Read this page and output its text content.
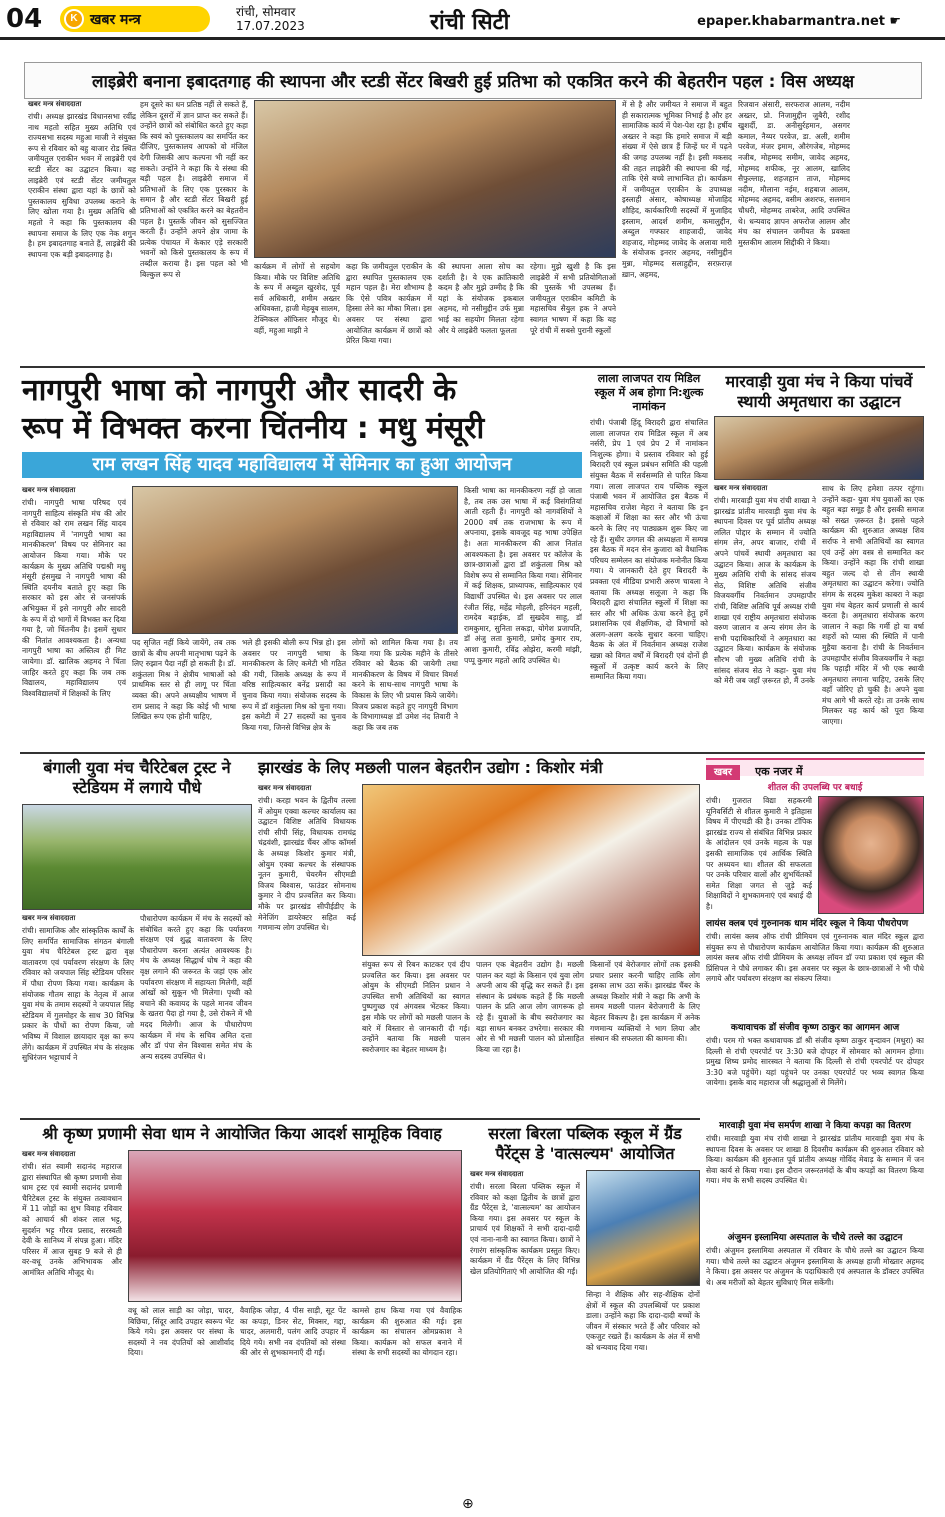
04	K खबर मन्त्र	रांची, सोमवार
17.07.2023	रांची सिटी	epaper.khabarmantra.net ☛
लाइब्रेरी बनाना इबादतगाह की स्थापना और स्टडी सेंटर बिखरी हुई प्रतिभा को एकत्रित करने की बेहतरीन पहल : विस अध्यक्ष
खबर मन्त्र संवाददाता
रांची। अध्यक्ष झारखंड विधानसभा रवींद्र नाथ महतो सहित मुख्य अतिथि एवं राज्यसभा सदस्य महुआ माजी ने संयुक्त रूप से रविवार को बहु बाजार रोड स्थित जमीयतुल एराकीन भवन में लाइब्रेरी एवं स्टडी सेंटर का उद्घाटन किया। यह लाइब्रेरी एवं स्टडी सेंटर जमीयतुल एराकीन संस्था द्वारा यहां के छात्रों को पुस्तकालय सुविधा उपलब्ध कराने के लिए खोला गया है। मुख्य अतिथि श्री महतो ने कहा कि पुस्तकालय की स्थापना समाज के लिए एक नेक शगुन है। हम इबादतगाह बनाते हैं, लाइब्रेरी की स्थापना एक बड़ी इबादतगाह है।
हम दूसरे का धन प्रतिष्ठ नहीं ले सकते हैं, लेकिन दूसरों में ज्ञान प्राप्त कर सकते हैं। उन्होंने छात्रों को संबोधित करते हुए कहा कि स्वयं को पुस्तकालय का समर्पित कर दीजिए, पुस्तकालय आपको वो मंजिल देगी जिसकी आप कल्पना भी नहीं कर सकते। उन्होंने ने कहा कि ये संस्था की बड़ी पहल है। लाइब्रेरी समाज में प्रतिभाओं के लिए एक पुरस्कार के समान है और स्टडी सेंटर बिखरी हुई प्रतिभाओं को एकत्रित करने का बेहतरीन पहल है। पुस्तकें जीवन को सुसज्जित करती हैं। उन्होंने अपने क्षेत्र जामा के प्रत्येक पंचायत में केकार एड़े सरकारी भवनों को किसे पुस्तकालय के रूप में तब्दील कराया है। इस पहल को भी बिल्कुल रूप से
कार्यक्रम में लोगों से सहयोग किया। मौके पर विशिष्ट अतिथि के रूप में अब्दुल खुरशेद, पूर्व सर्व अधिकारी, शमीम अख्तर अधिवक्ता, हाजी मेहबूब सालम, टेक्निकल ऑफिसर मौजूद थे। वहीं, महुआ माझी ने
कहा कि जमीयतुल एराकीन के द्वारा स्थापित पुस्तकालय एक महान पहल है। मेरा शौभाग्य है कि ऐसे पवित्र कार्यक्रम में हिस्सा लेने का मौका मिला। इस अवसर पर संस्था द्वारा आयोजित कार्यक्रम में छात्रों को प्रेरित किया गया।
की स्थापना आला सोच का दर्शाती है। ये एक क्रांतिकारी कदम है और मुझे उम्मीद है कि यहां के संयोजक इकबाल अहमद, मो नसीमुद्दीन उर्फ मुन्ना भाई का सहयोग मिलता रहेगा और ये लाइब्रेरी फलता फूलता
रहेगा। मुझे खुशी है कि इस लाइब्रेरी में सभी प्रतियोगिताओं की पुस्तकें भी उपलब्ध हैं। जमीयतुल एराकीन कमिटी के महासचिव सैयुल हक ने अपने स्वागत भाषण में कहा कि यह पूरे रांची में सबसे पुरानी स्कूलों
में से है और जमीयत ने समाज में बहुत ही सकारात्मक भूमिका निभाई है और हर सामाजिक कार्य में पेश-पेश रहा है। हर्षीय अख्तर ने कहा कि हमारे समाज में बड़ी संख्या में ऐसे छात्र हैं जिन्हें घर में पढ़ने की जगह उपलब्ध नहीं है। इसी मकसद की तहत लाइब्रेरी की स्थापना की गई, ताकि ऐसे बच्चे लाभान्वित हो। कार्यक्रम में जमीयतुल एराकीन के उपाध्यक्ष इस्लाही अंसार, कोषाध्यक्ष मोजाहिद शौहिद, कार्यकारिणी सदस्यों में मुजाहिद इस्लाम, आदर्श शमीम, कमालुद्दीन, अब्दुल गफ्फार शाहजादी, जावेद शहजाद, मोहम्मद जावेद के अलावा मारी के संयोजक इनरार अहमद, नसीमुद्दीन मुन्ना, मोहम्मद सलाहुद्दीन, सरफ़राज़ ख़ान, अहमद,
रिजवान अंसारी, सरफराज आलम, नदीम अख्तर, प्रो. निजामुद्दीन जुबैरी, रशीद खुशर्दी, डा. अनीसुर्रहमान, असगर कमाल, नैय्यर परवेज, डा. अली, शमीम परवेज, मंजर इमाम, औरंगजेब, मोहम्मद नजीब, मोहम्मद समीम, जावेद अहमद, मोहम्मद शफीक, नूर आलम, खालिद सैफुल्लाह, शहजहान ताज, मोहम्मद नदीम, मौलाना नईम, शहबाज आलम, मोहम्मद अहमद, वसीम अशरफ, सलमान चौधरी, मोहम्मद ताबरेज, आदि उपस्थित थे। धन्यवाद ज्ञापन अफरोज आलम और मंच का संचालन जमीयत के प्रवक्ता मुस्तकीम आलम सिद्दीकी ने किया।
नागपुरी भाषा को नागपुरी और सादरी के
रूप में विभक्त करना चिंतनीय : मधु मंसूरी
राम लखन सिंह यादव महाविद्यालय में सेमिनार का हुआ आयोजन
खबर मन्त्र संवाददाता
रांची। नागपुरी भाषा परिषद एवं नागपुरी साहित्य संस्कृति मंच की ओर से रविवार को राम लखन सिंह यादव महाविद्यालय में 'नागपुरी भाषा का मानकीकरण' विषय पर सेमिनार का आयोजन किया गया। मौके पर कार्यक्रम के मुख्य अतिथि पद्मश्री मधु मंसूरी हंसमुख ने नागपुरी भाषा की स्थिति दयनीय बताते हुए कहा कि सरकार को इस ओर से जनसंपर्क अभियुक्त में इसे नागपुरी और सादरी के रूप में दो भागों में विभक्त कर दिया गया है, जो चिंतनीय है। इसमें सुधार की नितांत आवश्यकता है। अन्यथा नागपुरी भाषा का अस्तित्व ही मिट जायेगा। डॉ. खालिक अहमद ने चिंता जाहिर करते हुए कहा कि जब तक विद्यालय, महाविद्यालय एवं विश्वविद्यालयों में शिक्षकों के लिए
पद सृजित नहीं किये जायेंगे, तब तक छात्रों के बीच अपनी मातृभाषा पढ़ने के लिए रुझान पैदा नहीं हो सकती है। डॉ. शकुंतला मिश्र ने क्षेत्रीय भाषाओं को प्राथमिक स्तर से ही लागू पर चिंता व्यक्त की। अपने अध्यक्षीय भाषण में राम प्रसाद ने कहा कि कोई भी भाषा लिखित रूप एक होनी चाहिए,
भले ही इसकी बोली रूप भिन्न हो। इस अवसर पर नागपुरी भाषा के मानकीकरण के लिए कमेटी भी गठित की गयी, जिसके अध्यक्ष के रूप में वरिष्ठ साहित्यकार बनेंद्र प्रसादी का चुनाव किया गया। संयोजक सदस्य के रूप में डॉ शकुंतला मिश्र को चुना गया। इस कमेटी में 27 सदस्यों का चुनाव किया गया, जिनसे विभिन्न क्षेत्र के
लोगों को शामिल किया गया है। तय किया गया कि प्रत्येक महीने के तीसरे रविवार को बैठक की जायेगी तथा मानकीकरण के विषय में विचार विमर्श करने के साथ-साथ नागपुरी भाषा के विकास के लिए भी प्रयास किये जायेंगे। विजय प्रकाश कहते हुए नागपुरी विभाग के विभागाध्यक्ष डॉ उमेश नंद तिवारी ने कहा कि जब तक
किसी भाषा का मानकीकरण नहीं हो जाता है, तब तक उस भाषा में कई विसंगतियां आती रहती हैं। नागपुरी को नागवंशियों ने 2000 वर्ष तक राजभाषा के रूप में अपनाया, इसके बावजूद यह भाषा उपेक्षित है। अतः मानकीकरण की आज नितांत आवश्यकता है। इस अवसर पर कॉलेज के छात्र-छात्राओं द्वारा डॉ शकुंतला मिश्र को विशेष रूप से सम्मानित किया गया। सेमिनार में कई शिक्षक, प्राध्यापक, साहित्यकार एवं विद्यार्थी उपस्थित थे। इस अवसर पर लाल रंजीत सिंह, महेंद्र मोहली, हरिनंदन महली, रामदेव बड़ाईक, डॉ सुखदेव साहू, डॉ रामकुमार, सुनिता लकड़ा, योगेश प्रजापति, डॉ अंजु लता कुमारी, प्रमोद कुमार राय, आशा कुमारी, रविंद्र ओझेरा, करमी मांझी, पप्पू कुमार महतो आदि उपस्थित थे।
लाला लाजपत राय मिडिल स्कूल में अब होगा नि:शुल्क नामांकन
रांची। पंजाबी हिंदू बिरादरी द्वारा संचालित लाला लाजपत राय मिडिल स्कूल में अब नर्सरी, प्रेप 1 एवं प्रेप 2 में नामांकन निःशुल्क होगा। ये प्रस्ताव रविवार को हुई बिरादरी एवं स्कूल प्रबंधन समिति की पहली संयुक्त बैठक में सर्वसम्मति से पारित किया गया। लाला लाजपत राय पब्लिक स्कूल पंजाबी भवन में आयोजित इस बैठक में महासचिव राजेश मेहरा ने बताया कि इन कक्षाओं में शिक्षा का स्तर और भी ऊंचा करने के लिए नए पाठ्यक्रम शुरू किए जा रहे हैं। सुधीर उगगल की अध्यक्षता में सम्पन्न इस बैठक में मदन सेन कुजारा को वैधानिक परिचय सम्मेलन का संयोजक मनोनीत किया गया। ये जानकारी देते हुए बिरादरी के प्रवक्ता एवं मीडिया प्रभारी अरुण चावला ने बताया कि अध्यक्ष सलूजा ने कहा कि बिरादरी द्वारा संचालित स्कूलों में शिक्षा का स्तर और भी अधिक ऊंचा करने हेतु हमें प्रशासनिक एवं शैक्षणिक, दो विभागों को अलग-अलग करके सुधार करना चाहिए। बैठक के अंत में निवर्तमान अध्यक्ष राजेश खन्ना को विगत वर्षों में बिरादरी एवं दोनों ही स्कूलों में उत्कृष्ट कार्य करने के लिए सम्मानित किया गया।
मारवाड़ी युवा मंच ने किया पांचवें स्थायी अमृतधारा का उद्घाटन
खबर मन्त्र संवाददाता
रांची। मारवाड़ी युवा मंच रांची शाखा ने झारखंड प्रांतीय मारवाड़ी युवा मंच के स्थापना दिवस पर पूर्व प्रांतीय अध्यक्ष ललित पोद्दार के सम्मान में ज्योति संगम लेन, अपर बाजार, रांची में अपने पांचवें स्थायी अमृतधारा का उद्घाटन किया। आज के कार्यक्रम के मुख्य अतिथि रांची के सांसद संजय सेठ, विशिष्ट अतिथि संजीव विजयवर्गीय निवर्तमान उपमहापौर रांची, विशिष्ट अतिथि पूर्व अध्यक्ष रांची शाखा एवं राष्ट्रीय अमृतधारा संयोजक वरुण जालान व अन्य संगम लेन के सभी पदाधिकारियों ने अमृतधारा का उद्घाटन किया। कार्यक्रम के संयोजक सौरभ जी मुख्य अतिथि रांची के सांसद संजय सेठ ने कहा- युवा मंच को मेरी जब जहाँ ज़रूरत हो, मैं उनके
साथ के लिए हमेशा तत्पर रहूंगा। उन्होंने कहा- युवा मंच युवाओं का एक बहुत बड़ा समूह है और इसकी समाज को सख्त ज़रूरत है। इससे पहले कार्यक्रम की शुरुआत अध्यक्ष शिव सर्राफ ने सभी अतिथियों का स्वागत एवं उन्हें अंग वस्त्र से सम्मानित कर किया। उन्होंने कहा कि रांची शाखा बहुत जल्द दो से तीन स्थायी अमृतधारा का उद्घाटन करेगा। ज्योति संगम के सदस्य मुकेश काबरा ने कहा युवा मंच बेहतर कार्य प्रणाली से कार्य करता है। अमृतधारा संयोजक करण जालान ने कहा कि गर्मी हो या वर्षा शहरों को प्यास की स्थिति में पानी मुहैया कराना है। रांची के निवर्तमान उपमहापौर संजीव विजयवर्गीय ने कहा कि पहाड़ी मंदिर में भी एक स्थायी अमृतधारा लगाना चाहिए, उसके लिए वहाँ जोरिए हो चुकी है। अपने युवा मंच आगे भी करते रहे। ता उनके साथ मिलकर यह कार्य को पूरा किया जाएगा।
बंगाली युवा मंच चैरिटेबल ट्रस्ट ने स्टेडियम में लगाये पौधे
खबर मन्त्र संवाददाता
रांची। सामाजिक और सांस्कृतिक कार्यों के लिए समर्पित सामाजिक संगठन बंगाली युवा मंच चैरिटेबल ट्रस्ट द्वारा वृक्ष वातावरण एवं पर्यावरण संरक्षण के लिए रविवार को जयपाल सिंह स्टेडियम परिसर में पौधा रोपण किया गया। कार्यक्रम के संयोजक गौतम साहा के नेतृत्व में आज युवा मंच के तमाम सदस्यों ने जयपाल सिंह स्टेडियम में गुलमोहर के साथ 30 विभिन्न प्रकार के पौधों का रोपण किया, जो भविष्य में विशाल छायादार वृक्ष का रूप लेंगे। कार्यक्रम में उपस्थित मंच के संरक्षक सुधिरंजन भट्टाचार्य ने
पौधारोपण कार्यक्रम में मंच के सदस्यों को संबोधित करते हुए कहा कि पर्यावरण संरक्षण एवं शुद्ध वातावरण के लिए पौधारोपण करना अत्यंत आवश्यक है। मंच के अध्यक्ष सिद्धार्थ घोष ने कहा की वृक्ष लगाने की जरूरत के जहां एक ओर पर्यावरण संरक्षण में सहायता मिलेगी, वहीं आंखों को सुकून भी मिलेगा। पृथ्वी को बचाने की कवायद के पहले मानव जीवन के खतरा पैदा हो गया है, उसे रोकने में भी मदद मिलेगी। आज के पौधारोपण कार्यक्रम में मंच के सचिव अमित दत्ता और डॉ पंपा सेन विश्वास समेत मंच के अन्य सदस्य उपस्थित थे।
झारखंड के लिए मछली पालन बेहतरीन उद्योग : किशोर मंत्री
खबर मन्त्र संवाददाता
रांची। करहा भवन के द्वितीय तल्ला में ओयुम एक्वा कल्चर कार्यालय का उद्घाटन विशिष्ट अतिथि विधायक रांची सीपी सिंह, विधायक रामचंद्र चंद्रवंशी, झारखंड चैंबर ऑफ कॉमर्स के अध्यक्ष किशोर कुमार मंत्री, ओयुम एक्वा कल्चर के संस्थापक नूतन कुमारी, चेयरमैन सीएमडी विजय बिश्वास, फाउंडर सोमनाथ कुमार ने दीप प्रज्वलित कर किया। मौके पर झारखंड सीपीईडीए के मेनेजिंग डायरेक्टर सहित कई गणमान्य लोग उपस्थित थे।
संयुक्त रूप से रिबन काटकर एवं दीप प्रज्वलित कर किया। इस अवसर पर ओयुम के सीएमडी नितिन प्रधान ने उपस्थित सभी अतिथियों का स्वागत पुष्पगुच्छ एवं अंगवस्त्र भेंटकर किया। इस मौके पर लोगों को मछली पालन के बारे में विस्तार से जानकारी दी गई। उन्होंने बताया कि मछली पालन स्वरोजगार का बेहतर माध्यम है।
पालन एक बेहतरीन उद्योग है। मछली पालन कर यहां के किसान एवं युवा लोग अपनी आय की वृद्धि कर सकते हैं। इस संस्थान के प्रबंधक कहते हैं कि मछली पालन के प्रति आज लोग जागरूक हो रहे हैं। युवाओं के बीच स्वरोजगार का बड़ा साधन बनकर उभरेगा। सरकार की ओर से भी मछली पालन को प्रोत्साहित किया जा रहा है।
किसानों एवं बेरोजगार लोगों तक इसकी प्रचार प्रसार करनी चाहिए ताकि लोग इसका लाभ उठा सकें। झारखंड चैंबर के अध्यक्ष किशोर मंत्री ने कहा कि अभी के समय मछली पालन बेरोजगारी के लिए बेहतर विकल्प है। इस कार्यक्रम में अनेक गणमान्य व्यक्तियों ने भाग लिया और संस्थान की सफलता की कामना की।
खबर एक नजर में
शीतल की उपलब्धि पर बधाई
रांची। गुजरात विद्या सहकरमी यूनिवर्सिटी से शीतल कुमारी ने इतिहास विषय में पीएचडी की है। उनका टॉपिक झारखंड राज्य से संबंधित विभिन्न प्रकार के आंदोलन एवं उनके महत्व के पक्ष इसकी सामाजिक एवं आर्थिक स्थिति पर अध्ययन था। शीतल की सफलता पर उनके परिवार वालों और शुभचिंतकों समेत शिक्षा जगत से जुड़े कई शिक्षाविदों ने शुभकामनाएं एवं बधाई दी है।
लायंस क्लब एवं गुरुनानक धाम मंदिर स्कूल ने किया पौधरोपण
रांची। लायंस क्लब ऑफ रांची प्रीमियम एवं गुरुनानक बाल मंदिर स्कूल द्वारा संयुक्त रूप से पौधारोपण कार्यक्रम आयोजित किया गया। कार्यक्रम की शुरुआत लायंस क्लब ऑफ रांची प्रीमियम के अध्यक्ष लॉयन डॉ ज्या प्रकाश एवं स्कूल की प्रिंसिपल ने पौधे लगाकर की। इस अवसर पर स्कूल के छात्र-छात्राओं ने भी पौधे लगाये और पर्यावरण संरक्षण का संकल्प लिया।
कथावाचक डॉ संजीव कृष्ण ठाकुर का आगमन आज
रांची। परम गो भक्त कथावाचक डॉ श्री संजीव कृष्ण ठाकुर वृन्दावन (मथुरा) का दिल्ली से रांची एयरपोर्ट पर 3:30 बजे दोपहर में सोमवार को आगमन होगा। प्रमुख शिष्य प्रमोद सारस्वत ने बताया कि दिल्ली से रांची एयरपोर्ट पर दोपहर 3:30 बजे पहुंचेंगे। यहां पहुंचने पर उनका एयरपोर्ट पर भव्य स्वागत किया जायेगा। इसके बाद महाराज जी श्रद्धालुओं से मिलेंगे।
मारवाड़ी युवा मंच समर्पण शाखा ने किया कपड़ा का वितरण
रांची। मारवाड़ी युवा मंच रांची शाखा ने झारखंड प्रांतीय मारवाड़ी युवा मंच के स्थापना दिवस के अवसर पर शाखा 8 दिवसीय कार्यक्रम की शुरुआत रविवार को किया। कार्यक्रम की शुरुआत पूर्व प्रांतीय अध्यक्ष गोविंद मेवाड़ के सम्मान में जन सेवा कार्य से किया गया। इस दौरान जरूरतमंदों के बीच कपड़ों का वितरण किया गया। मंच के सभी सदस्य उपस्थित थे।
अंजुमन इस्लामिया अस्पताल के चौथे तल्ले का उद्घाटन
रांची। अंजुमन इस्लामिया अस्पताल में रविवार के चौथे तल्ले का उद्घाटन किया गया। चौथे तल्ले का उद्घाटन अंजुमन इस्लामिया के अध्यक्ष हाजी मोख्तार अहमद ने किया। इस अवसर पर अंजुमन के पदाधिकारी एवं अस्पताल के डॉक्टर उपस्थित थे। अब मरीजों को बेहतर सुविधाएं मिल सकेंगी।
श्री कृष्ण प्रणामी सेवा धाम ने आयोजित किया आदर्श सामूहिक विवाह
खबर मन्त्र संवाददाता
रांची। संत स्वामी सदानंद महाराज द्वारा संस्थापित श्री कृष्ण प्रणामी सेवा धाम ट्रस्ट एवं स्वामी सदानंद प्रणामी चैरिटेबल ट्रस्ट के संयुक्त तत्वावधान में 11 जोड़ों का शुभ विवाह रविवार को आचार्य श्री शंकर लाल भट्ट, सुदर्शन भट्ट गौरव प्रसाद, सरस्वती देवी के सानिध्य में संपन्न हुआ। मंदिर परिसर में आज सुबह 9 बजे से ही वर-वधू उनके अभिभावक और आमंत्रित अतिथि मौजूद थे।
वधू को लाल साड़ी का जोड़ा, चादर, बिछिया, सिंदूर आदि उपहार स्वरूप भेंट किये गये। इस अवसर पर संस्था के सदस्यों ने नव दंपतियों को आशीर्वाद दिया।
वैवाहिक जोड़ा, 4 पीस साड़ी, सूट पेंट का कपड़ा, डिनर सेट, मिक्सर, गद्दा, चादर, अलमारी, पलंग आदि उपहार में दिये गये। सभी नव दंपतियों को संस्था की ओर से शुभकामनाएँ दी गईं।
कामसे हाथ किया गया एवं वैवाहिक कार्यक्रम की शुरुआत की गई। इस कार्यक्रम का संचालन ओमप्रकाश ने किया। कार्यक्रम को सफल बनाने में संस्था के सभी सदस्यों का योगदान रहा।
सरला बिरला पब्लिक स्कूल में ग्रैंड पैरेंट्स डे 'वात्सल्यम' आयोजित
खबर मन्त्र संवाददाता
रांची। सरला बिरला पब्लिक स्कूल में रविवार को कक्षा द्वितीय के छात्रों द्वारा ग्रैंड पैरेंट्स डे, 'वात्सल्यम' का आयोजन किया गया। इस अवसर पर स्कूल के प्राचार्य एवं शिक्षकों ने सभी दादा-दादी एवं नाना-नानी का स्वागत किया। छात्रों ने रंगारंग सांस्कृतिक कार्यक्रम प्रस्तुत किए। कार्यक्रम में ग्रैंड पैरेंट्स के लिए विभिन्न खेल प्रतियोगिताएं भी आयोजित की गईं।
सिन्हा ने शैक्षिक और सह-शैक्षिक दोनों क्षेत्रों में स्कूल की उपलब्धियों पर प्रकाश डाला। उन्होंने कहा कि दादा-दादी बच्चों के जीवन में संस्कार भरते हैं और परिवार को एकजुट रखते हैं। कार्यक्रम के अंत में सभी को धन्यवाद दिया गया।
⊕
